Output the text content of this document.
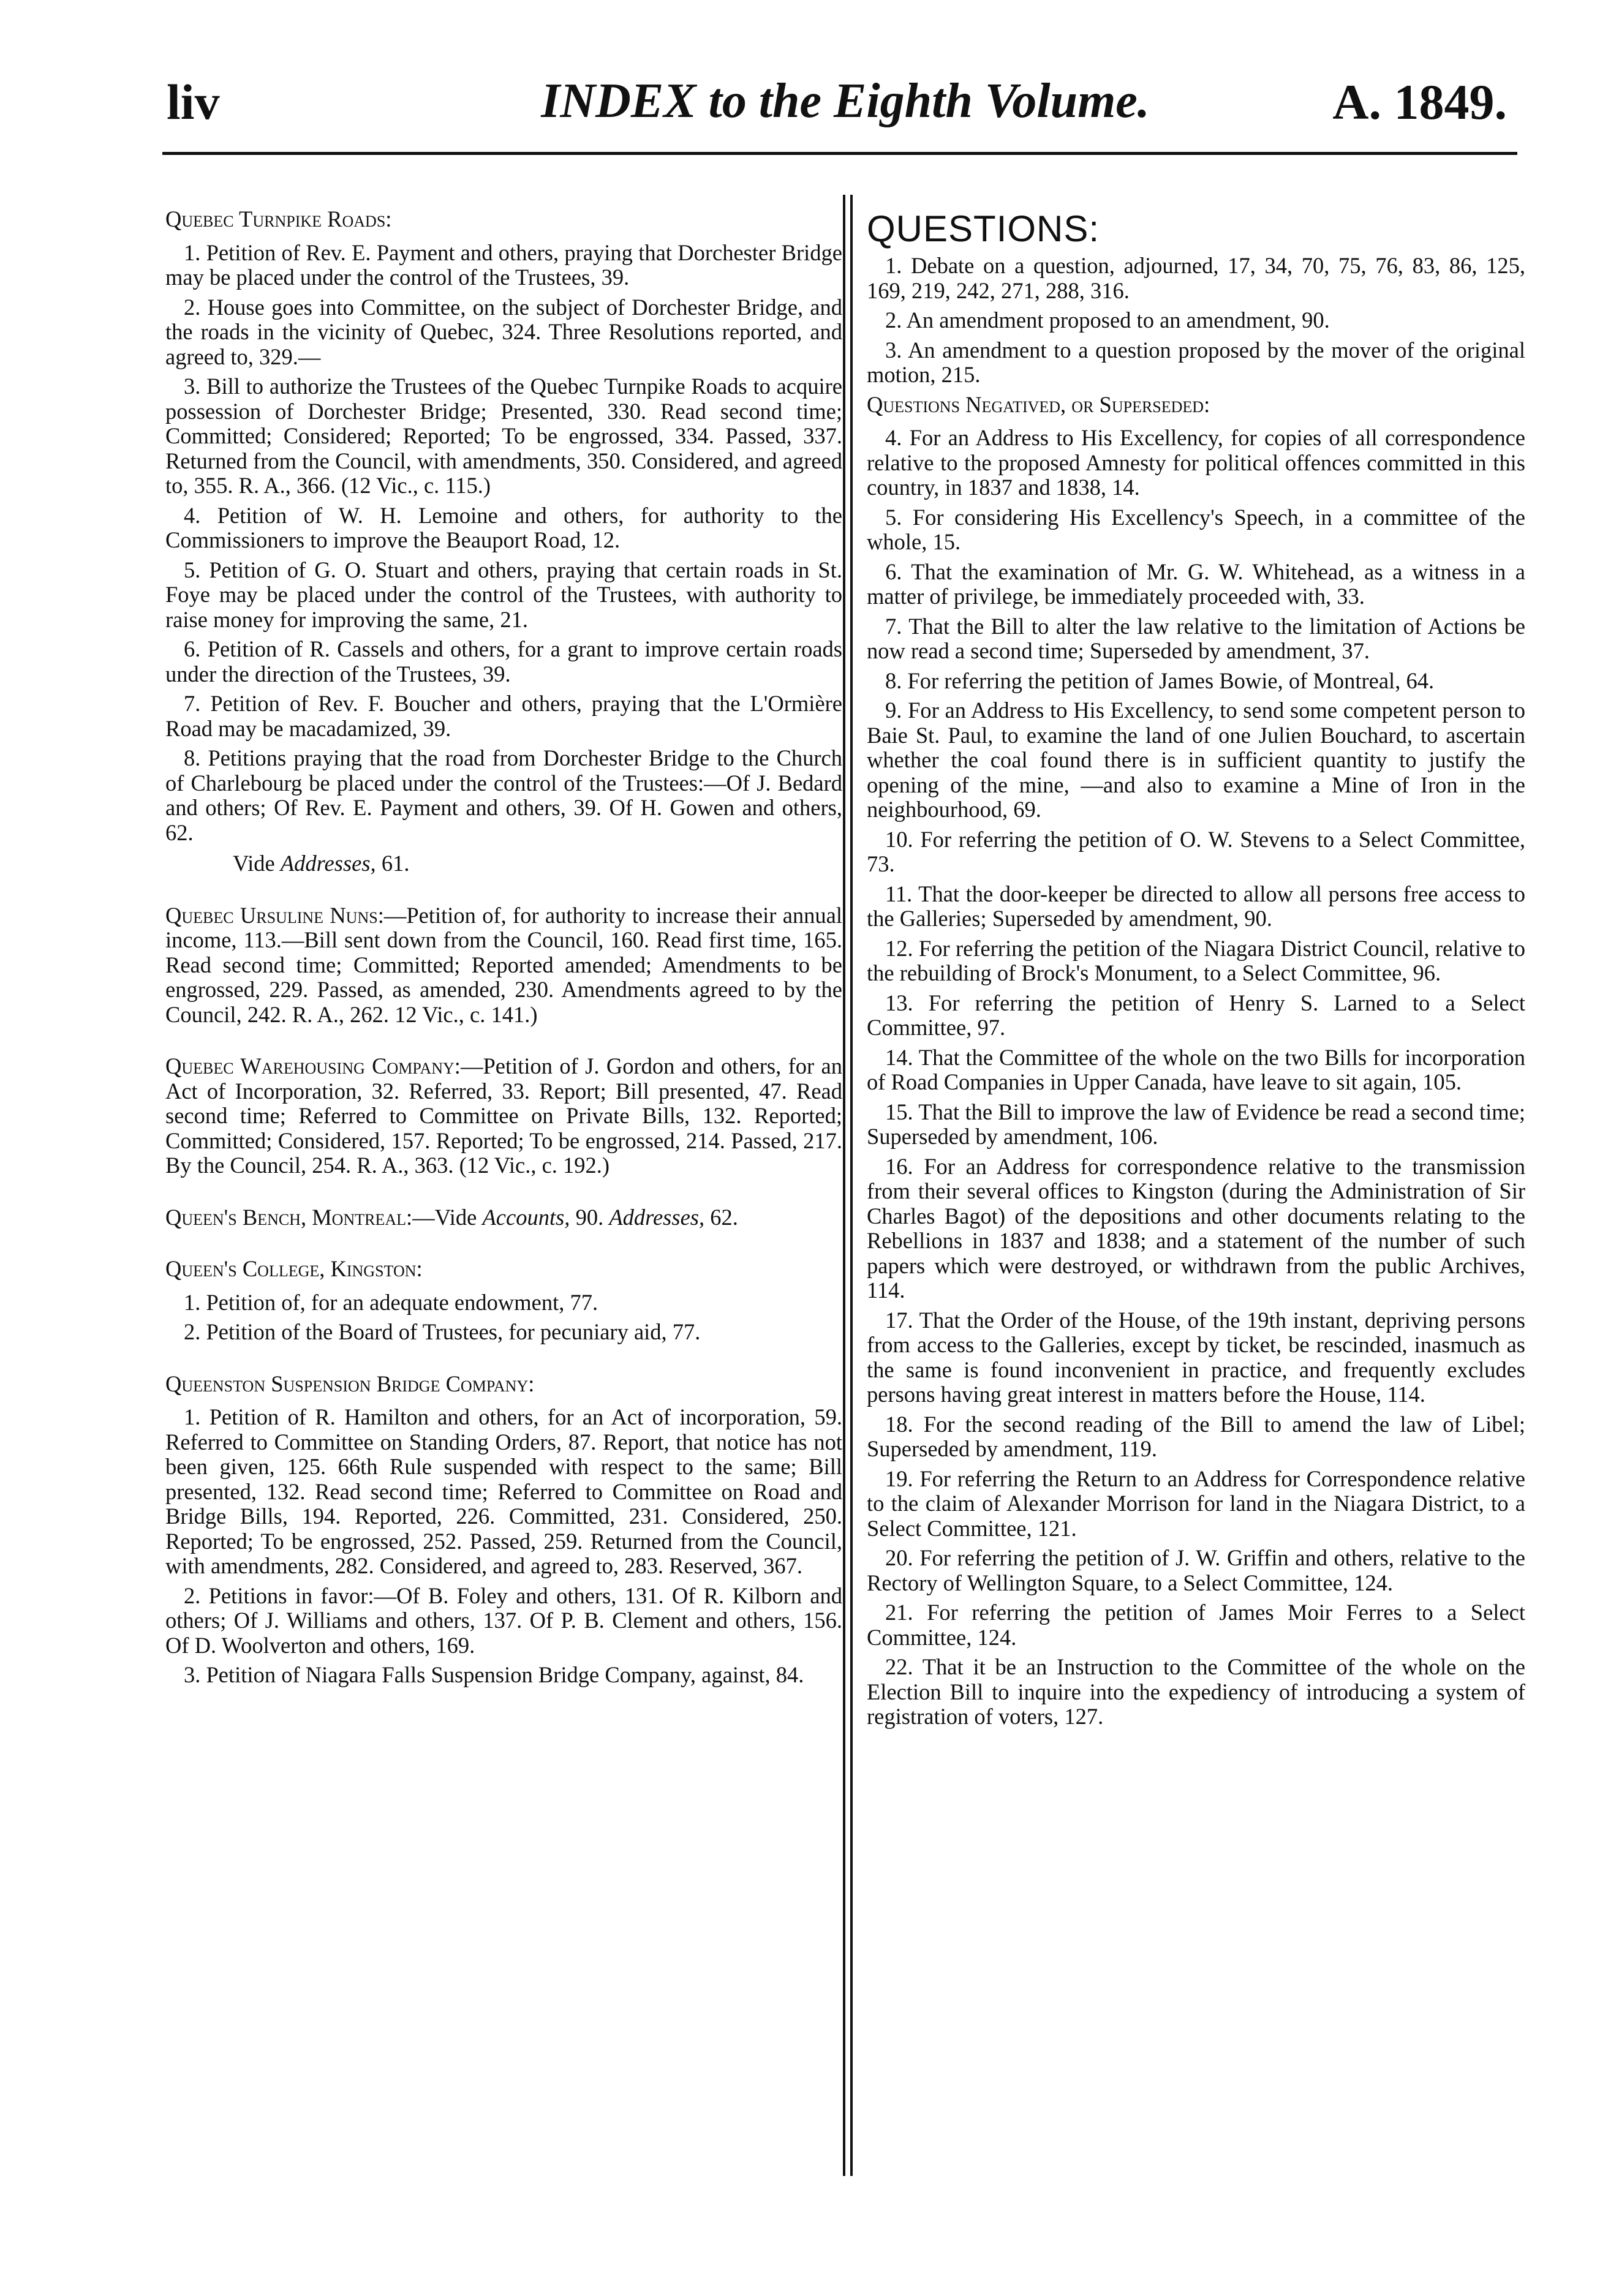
liv	INDEX to the Eighth Volume.	A. 1849.
Quebec Turnpike Roads:

1. Petition of Rev. E. Payment and others, praying that Dorchester Bridge may be placed under the control of the Trustees, 39.

2. House goes into Committee, on the subject of Dorchester Bridge, and the roads in the vicinity of Quebec, 324. Three Resolutions reported, and agreed to, 329.—

3. Bill to authorize the Trustees of the Quebec Turnpike Roads to acquire possession of Dorchester Bridge; Presented, 330. Read second time; Committed; Considered; Reported; To be engrossed, 334. Passed, 337. Returned from the Council, with amendments, 350. Considered, and agreed to, 355. R. A., 366. (12 Vic., c. 115.)

4. Petition of W. H. Lemoine and others, for authority to the Commissioners to improve the Beauport Road, 12.

5. Petition of G. O. Stuart and others, praying that certain roads in St. Foye may be placed under the control of the Trustees, with authority to raise money for improving the same, 21.

6. Petition of R. Cassels and others, for a grant to improve certain roads under the direction of the Trustees, 39.

7. Petition of Rev. F. Boucher and others, praying that the L'Ormière Road may be macadamized, 39.

8. Petitions praying that the road from Dorchester Bridge to the Church of Charlebourg be placed under the control of the Trustees:—Of J. Bedard and others; Of Rev. E. Payment and others, 39. Of H. Gowen and others, 62.

Vide Addresses, 61.

Quebec Ursuline Nuns:—Petition of, for authority to increase their annual income, 113.—Bill sent down from the Council, 160. Read first time, 165. Read second time; Committed; Reported amended; Amendments to be engrossed, 229. Passed, as amended, 230. Amendments agreed to by the Council, 242. R. A., 262. 12 Vic., c. 141.)

Quebec Warehousing Company:—Petition of J. Gordon and others, for an Act of Incorporation, 32. Referred, 33. Report; Bill presented, 47. Read second time; Referred to Committee on Private Bills, 132. Reported; Committed; Considered, 157. Reported; To be engrossed, 214. Passed, 217. By the Council, 254. R. A., 363. (12 Vic., c. 192.)

Queen's Bench, Montreal:—Vide Accounts, 90. Addresses, 62.

Queen's College, Kingston:

1. Petition of, for an adequate endowment, 77.

2. Petition of the Board of Trustees, for pecuniary aid, 77.

Queenston Suspension Bridge Company:

1. Petition of R. Hamilton and others, for an Act of incorporation, 59. Referred to Committee on Standing Orders, 87. Report, that notice has not been given, 125. 66th Rule suspended with respect to the same; Bill presented, 132. Read second time; Referred to Committee on Road and Bridge Bills, 194. Reported, 226. Committed, 231. Considered, 250. Reported; To be engrossed, 252. Passed, 259. Returned from the Council, with amendments, 282. Considered, and agreed to, 283. Reserved, 367.

2. Petitions in favor:—Of B. Foley and others, 131. Of R. Kilborn and others; Of J. Williams and others, 137. Of P. B. Clement and others, 156. Of D. Woolverton and others, 169.

3. Petition of Niagara Falls Suspension Bridge Company, against, 84.

QUESTIONS:

1. Debate on a question, adjourned, 17, 34, 70, 75, 76, 83, 86, 125, 169, 219, 242, 271, 288, 316.

2. An amendment proposed to an amendment, 90.

3. An amendment to a question proposed by the mover of the original motion, 215.

Questions Negatived, or Superseded:

4. For an Address to His Excellency, for copies of all correspondence relative to the proposed Amnesty for political offences committed in this country, in 1837 and 1838, 14.

5. For considering His Excellency's Speech, in a committee of the whole, 15.

6. That the examination of Mr. G. W. Whitehead, as a witness in a matter of privilege, be immediately proceeded with, 33.

7. That the Bill to alter the law relative to the limitation of Actions be now read a second time; Superseded by amendment, 37.

8. For referring the petition of James Bowie, of Montreal, 64.

9. For an Address to His Excellency, to send some competent person to Baie St. Paul, to examine the land of one Julien Bouchard, to ascertain whether the coal found there is in sufficient quantity to justify the opening of the mine, —and also to examine a Mine of Iron in the neighbourhood, 69.

10. For referring the petition of O. W. Stevens to a Select Committee, 73.

11. That the door-keeper be directed to allow all persons free access to the Galleries; Superseded by amendment, 90.

12. For referring the petition of the Niagara District Council, relative to the rebuilding of Brock's Monument, to a Select Committee, 96.

13. For referring the petition of Henry S. Larned to a Select Committee, 97.

14. That the Committee of the whole on the two Bills for incorporation of Road Companies in Upper Canada, have leave to sit again, 105.

15. That the Bill to improve the law of Evidence be read a second time; Superseded by amendment, 106.

16. For an Address for correspondence relative to the transmission from their several offices to Kingston (during the Administration of Sir Charles Bagot) of the depositions and other documents relating to the Rebellions in 1837 and 1838; and a statement of the number of such papers which were destroyed, or withdrawn from the public Archives, 114.

17. That the Order of the House, of the 19th instant, depriving persons from access to the Galleries, except by ticket, be rescinded, inasmuch as the same is found inconvenient in practice, and frequently excludes persons having great interest in matters before the House, 114.

18. For the second reading of the Bill to amend the law of Libel; Superseded by amendment, 119.

19. For referring the Return to an Address for Correspondence relative to the claim of Alexander Morrison for land in the Niagara District, to a Select Committee, 121.

20. For referring the petition of J. W. Griffin and others, relative to the Rectory of Wellington Square, to a Select Committee, 124.

21. For referring the petition of James Moir Ferres to a Select Committee, 124.

22. That it be an Instruction to the Committee of the whole on the Election Bill to inquire into the expediency of introducing a system of registration of voters, 127.
